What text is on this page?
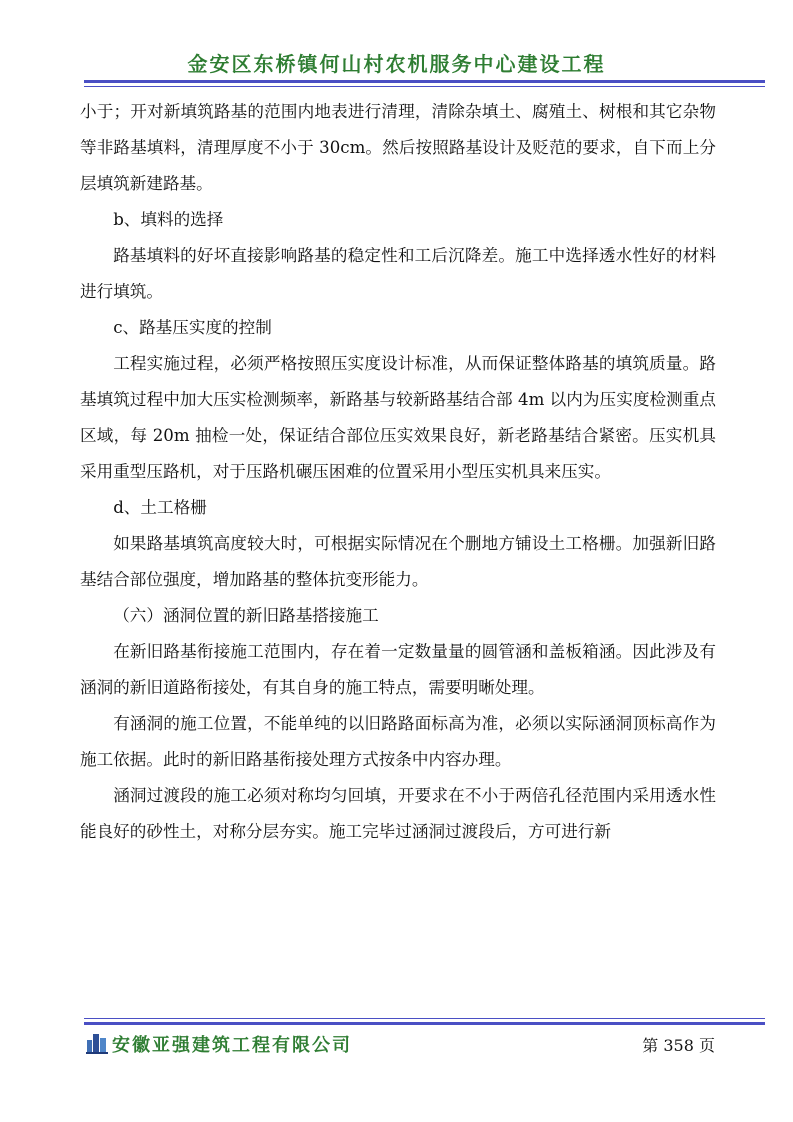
金安区东桥镇何山村农机服务中心建设工程

小于；开对新填筑路基的范围内地表进行清理，清除杂填土、腐殖土、树根和其它杂物等非路基填料，清理厚度不小于 30cm。然后按照路基设计及贬范的要求，自下而上分层填筑新建路基。

b、填料的选择

路基填料的好坏直接影响路基的稳定性和工后沉降差。施工中选择透水性好的材料进行填筑。

c、路基压实度的控制

工程实施过程，必须严格按照压实度设计标准，从而保证整体路基的填筑质量。路基填筑过程中加大压实检测频率，新路基与较新路基结合部 4m 以内为压实度检测重点区域，每 20m 抽检一处，保证结合部位压实效果良好，新老路基结合紧密。压实机具采用重型压路机，对于压路机碾压困难的位置采用小型压实机具来压实。

d、土工格栅

如果路基填筑高度较大时，可根据实际情况在个删地方铺设土工格栅。加强新旧路基结合部位强度，增加路基的整体抗变形能力。

（六）涵洞位置的新旧路基搭接施工

在新旧路基衔接施工范围内，存在着一定数量量的圆管涵和盖板箱涵。因此涉及有涵洞的新旧道路衔接处，有其自身的施工特点，需要明晰处理。

有涵洞的施工位置，不能单纯的以旧路路面标高为准，必须以实际涵洞顶标高作为施工依据。此时的新旧路基衔接处理方式按条中内容办理。

涵洞过渡段的施工必须对称均匀回填，开要求在不小于两倍孔径范围内采用透水性能良好的砂性土，对称分层夯实。施工完毕过涵洞过渡段后，方可进行新

安徽亚强建筑工程有限公司	第 358 页
